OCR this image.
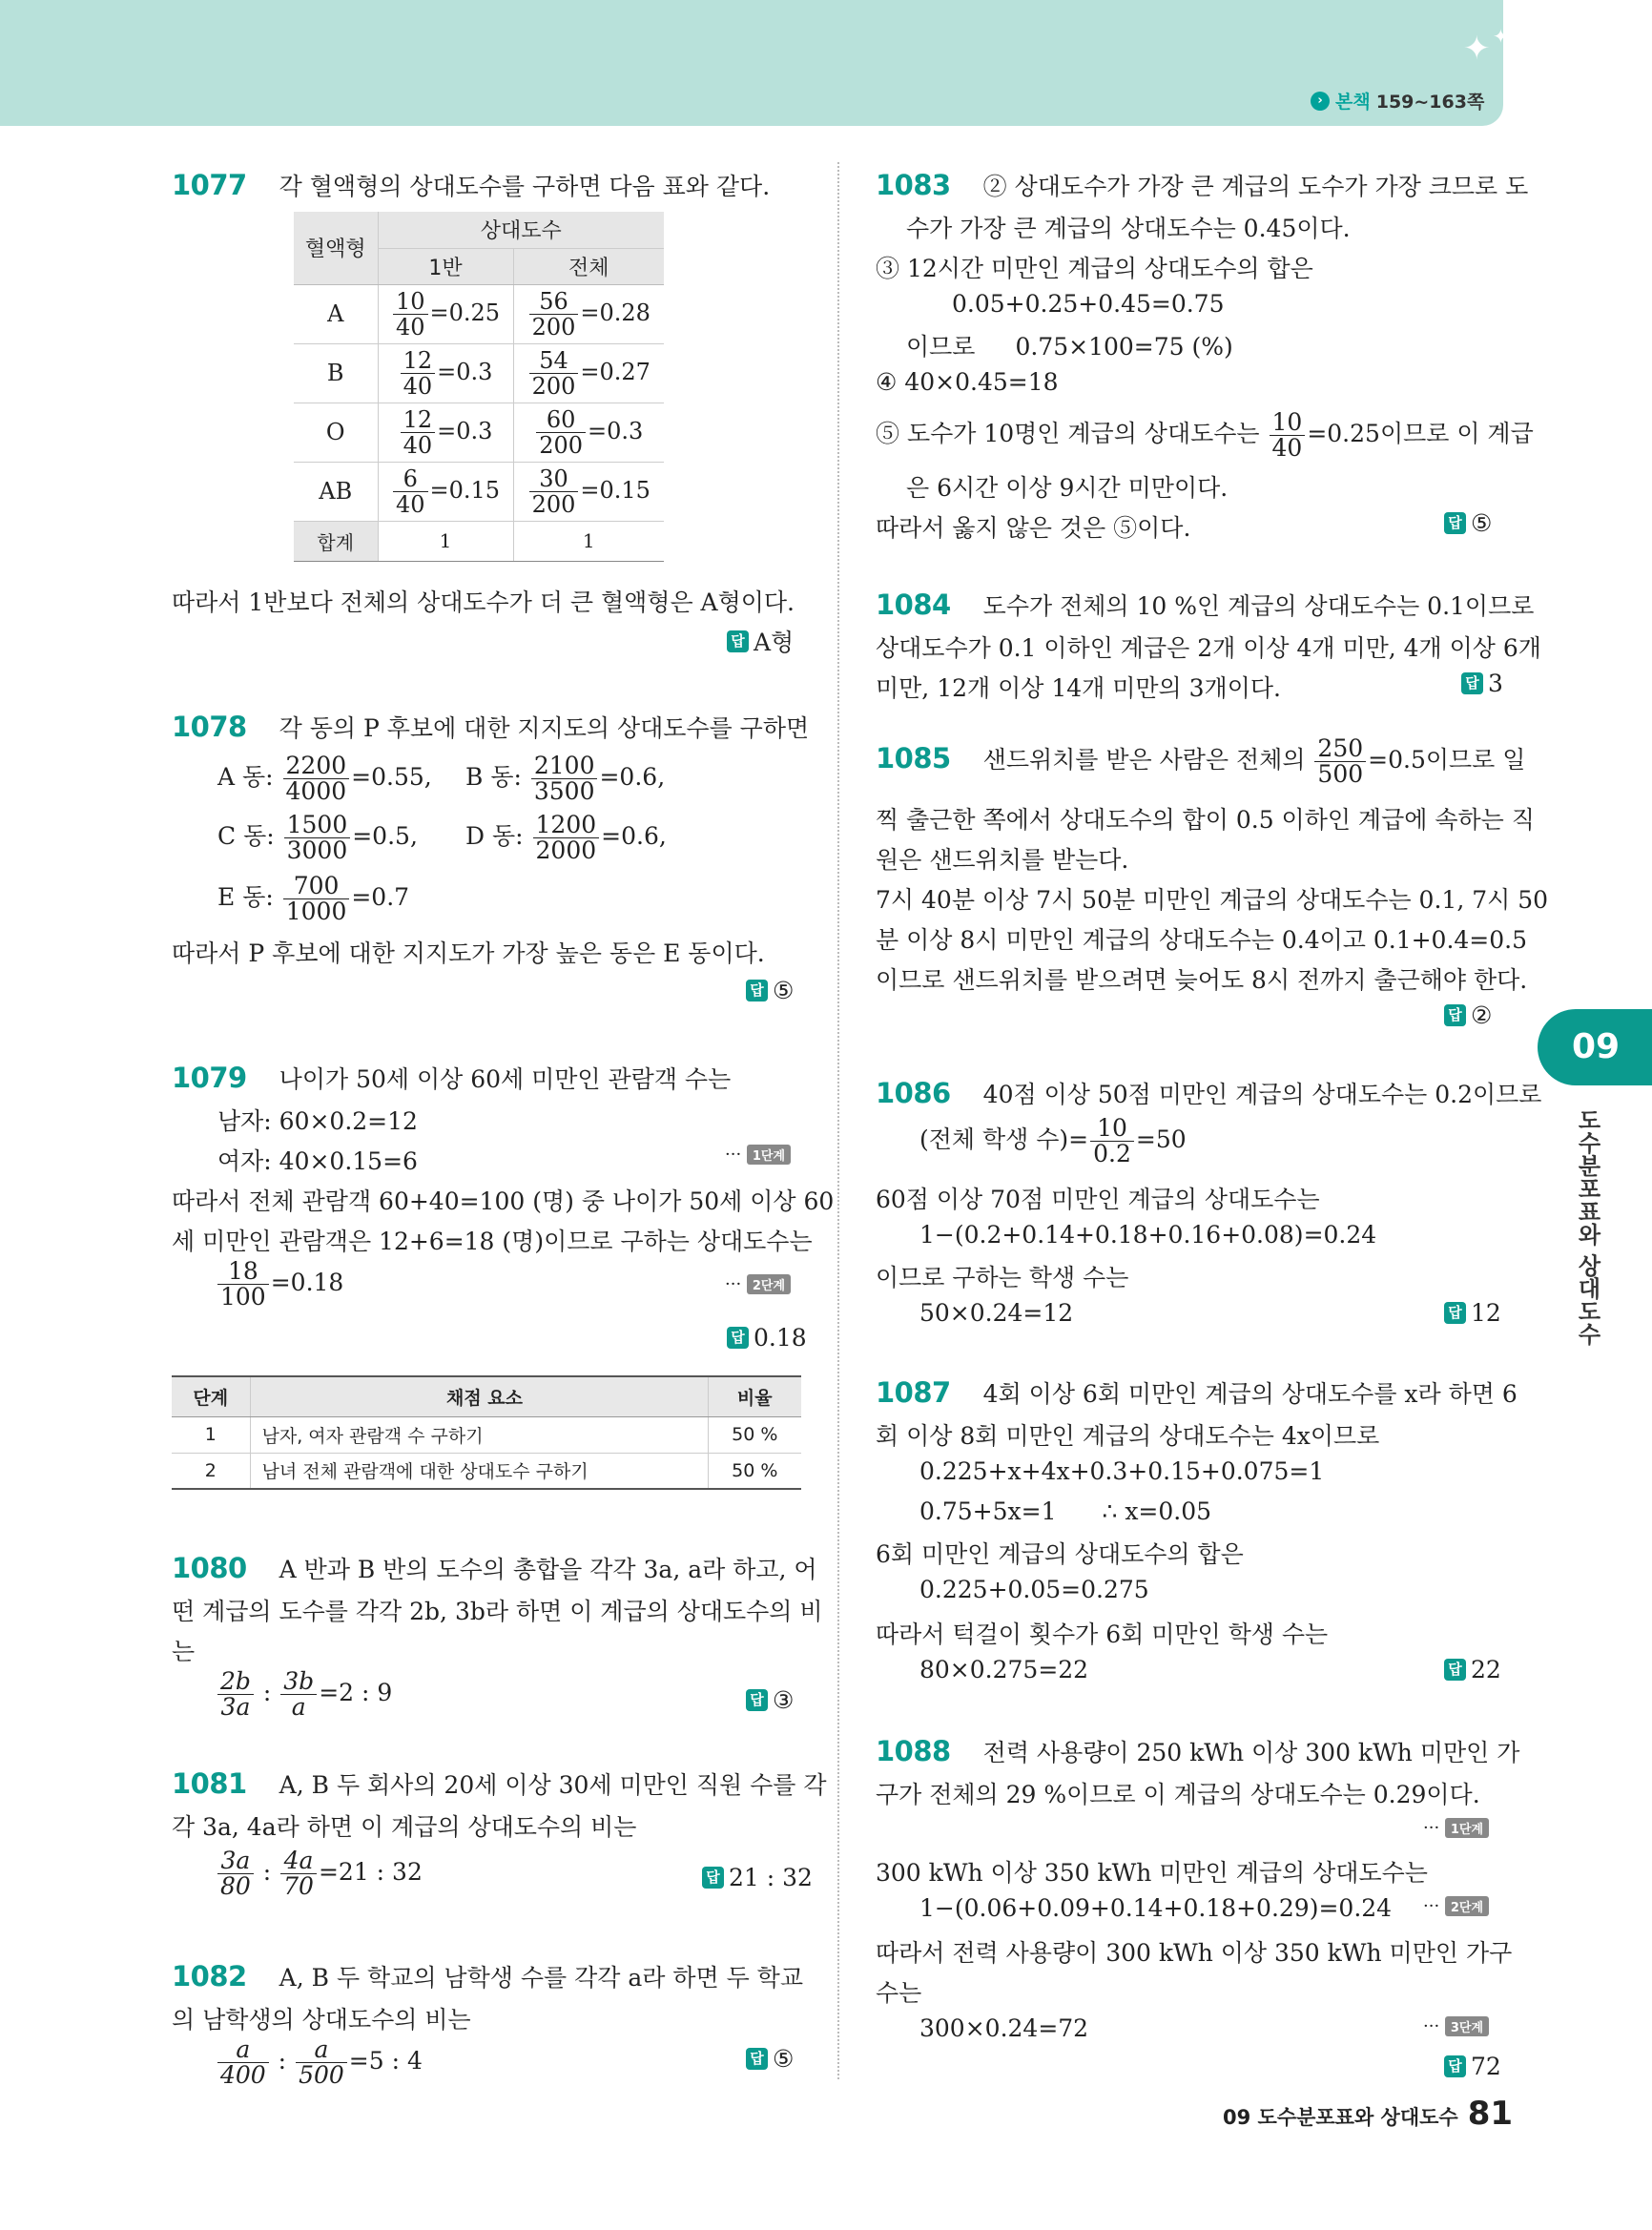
✦ ✦
› 본책 159~163쪽
1077 각 혈액형의 상대도수를 구하면 다음 표와 같다.
혈액형	상대도수	
	1반	전체
A	$\frac{10}{40} =0.25$	$\frac{56}{200} =0.28$
B	$\frac{12}{40} =0.3$	$\frac{54}{200} =0.27$
O	$\frac{12}{40} =0.3$	$\frac{60}{200} =0.3$
AB	$\frac{6}{40} =0.15$	$\frac{30}{200} =0.15$
합계	1	1
따라서 1반보다 전체의 상대도수가 더 큰 혈액형은 A형이다.
답 A형
1078 각 동의 P 후보에 대한 지지도의 상대도수를 구하면
A 동: $\frac{2200}{4000} =0.55$, B 동: $\frac{2100}{3500} =0.6$,
C 동: $\frac{1500}{3000} =0.5$, D 동: $\frac{1200}{2000} =0.6$,
E 동: $\frac{700}{1000} =0.7$
따라서 P 후보에 대한 지지도가 가장 높은 동은 E 동이다.
답 ⑤
1079 나이가 50세 이상 60세 미만인 관람객 수는
남자: 60×0.2=12
여자: 40×0.15=6	··· 1단계
따라서 전체 관람객 60+40=100 (명) 중 나이가 50세 이상 60
세 미만인 관람객은 12+6=18 (명)이므로 구하는 상대도수는
$\frac{18}{100} =0.18$	··· 2단계
답 0.18
단계	채점 요소	비율
1	남자, 여자 관람객 수 구하기	50 %
2	남녀 전체 관람객에 대한 상대도수 구하기	50 %
1080 A 반과 B 반의 도수의 총합을 각각 3a, a라 하고, 어
떤 계급의 도수를 각각 2b, 3b라 하면 이 계급의 상대도수의 비
는
$\frac{2b}{3a}$ : $\frac{3b}{a} =2$ : 9	답 ③
1081 A, B 두 회사의 20세 이상 30세 미만인 직원 수를 각
각 3a, 4a라 하면 이 계급의 상대도수의 비는
$\frac{3a}{80}$ : $\frac{4a}{70} =21$ : 32	답 21 : 32
1082 A, B 두 학교의 남학생 수를 각각 a라 하면 두 학교
의 남학생의 상대도수의 비는
$\frac{a}{400}$ : $\frac{a}{500} =5$ : 4	답 ⑤
1083 ② 상대도수가 가장 큰 계급의 도수가 가장 크므로 도
수가 가장 큰 계급의 상대도수는 0.45이다.
③ 12시간 미만인 계급의 상대도수의 합은
0.05+0.25+0.45=0.75
이므로 0.75×100=75 (%)
④ 40×0.45=18
⑤ 도수가 10명인 계급의 상대도수는 $\frac{10}{40} =0.25$이므로 이 계급
은 6시간 이상 9시간 미만이다.
따라서 옳지 않은 것은 ⑤이다.	답 ⑤
1084 도수가 전체의 10 %인 계급의 상대도수는 0.1이므로
상대도수가 0.1 이하인 계급은 2개 이상 4개 미만, 4개 이상 6개
미만, 12개 이상 14개 미만의 3개이다.	답 3
1085 샌드위치를 받은 사람은 전체의 $\frac{250}{500} =0.5$이므로 일
찍 출근한 쪽에서 상대도수의 합이 0.5 이하인 계급에 속하는 직
원은 샌드위치를 받는다.
7시 40분 이상 7시 50분 미만인 계급의 상대도수는 0.1, 7시 50
분 이상 8시 미만인 계급의 상대도수는 0.4이고 0.1+0.4=0.5
이므로 샌드위치를 받으려면 늦어도 8시 전까지 출근해야 한다.
답 ②
1086 40점 이상 50점 미만인 계급의 상대도수는 0.2이므로
(전체 학생 수)= $\frac{10}{0.2} =50$
60점 이상 70점 미만인 계급의 상대도수는
1−(0.2+0.14+0.18+0.16+0.08)=0.24
이므로 구하는 학생 수는
50×0.24=12	답 12
1087 4회 이상 6회 미만인 계급의 상대도수를 x라 하면 6
회 이상 8회 미만인 계급의 상대도수는 4x이므로
0.225+x+4x+0.3+0.15+0.075=1
0.75+5x=1 ∴ x=0.05
6회 미만인 계급의 상대도수의 합은
0.225+0.05=0.275
따라서 턱걸이 횟수가 6회 미만인 학생 수는
80×0.275=22	답 22
1088 전력 사용량이 250 kWh 이상 300 kWh 미만인 가
구가 전체의 29 %이므로 이 계급의 상대도수는 0.29이다.
··· 1단계
300 kWh 이상 350 kWh 미만인 계급의 상대도수는
1−(0.06+0.09+0.14+0.18+0.29)=0.24 ··· 2단계
따라서 전력 사용량이 300 kWh 이상 350 kWh 미만인 가구
수는
300×0.24=72	··· 3단계
답 72
09
도수분포표와 상대도수
09 도수분포표와 상대도수 81
